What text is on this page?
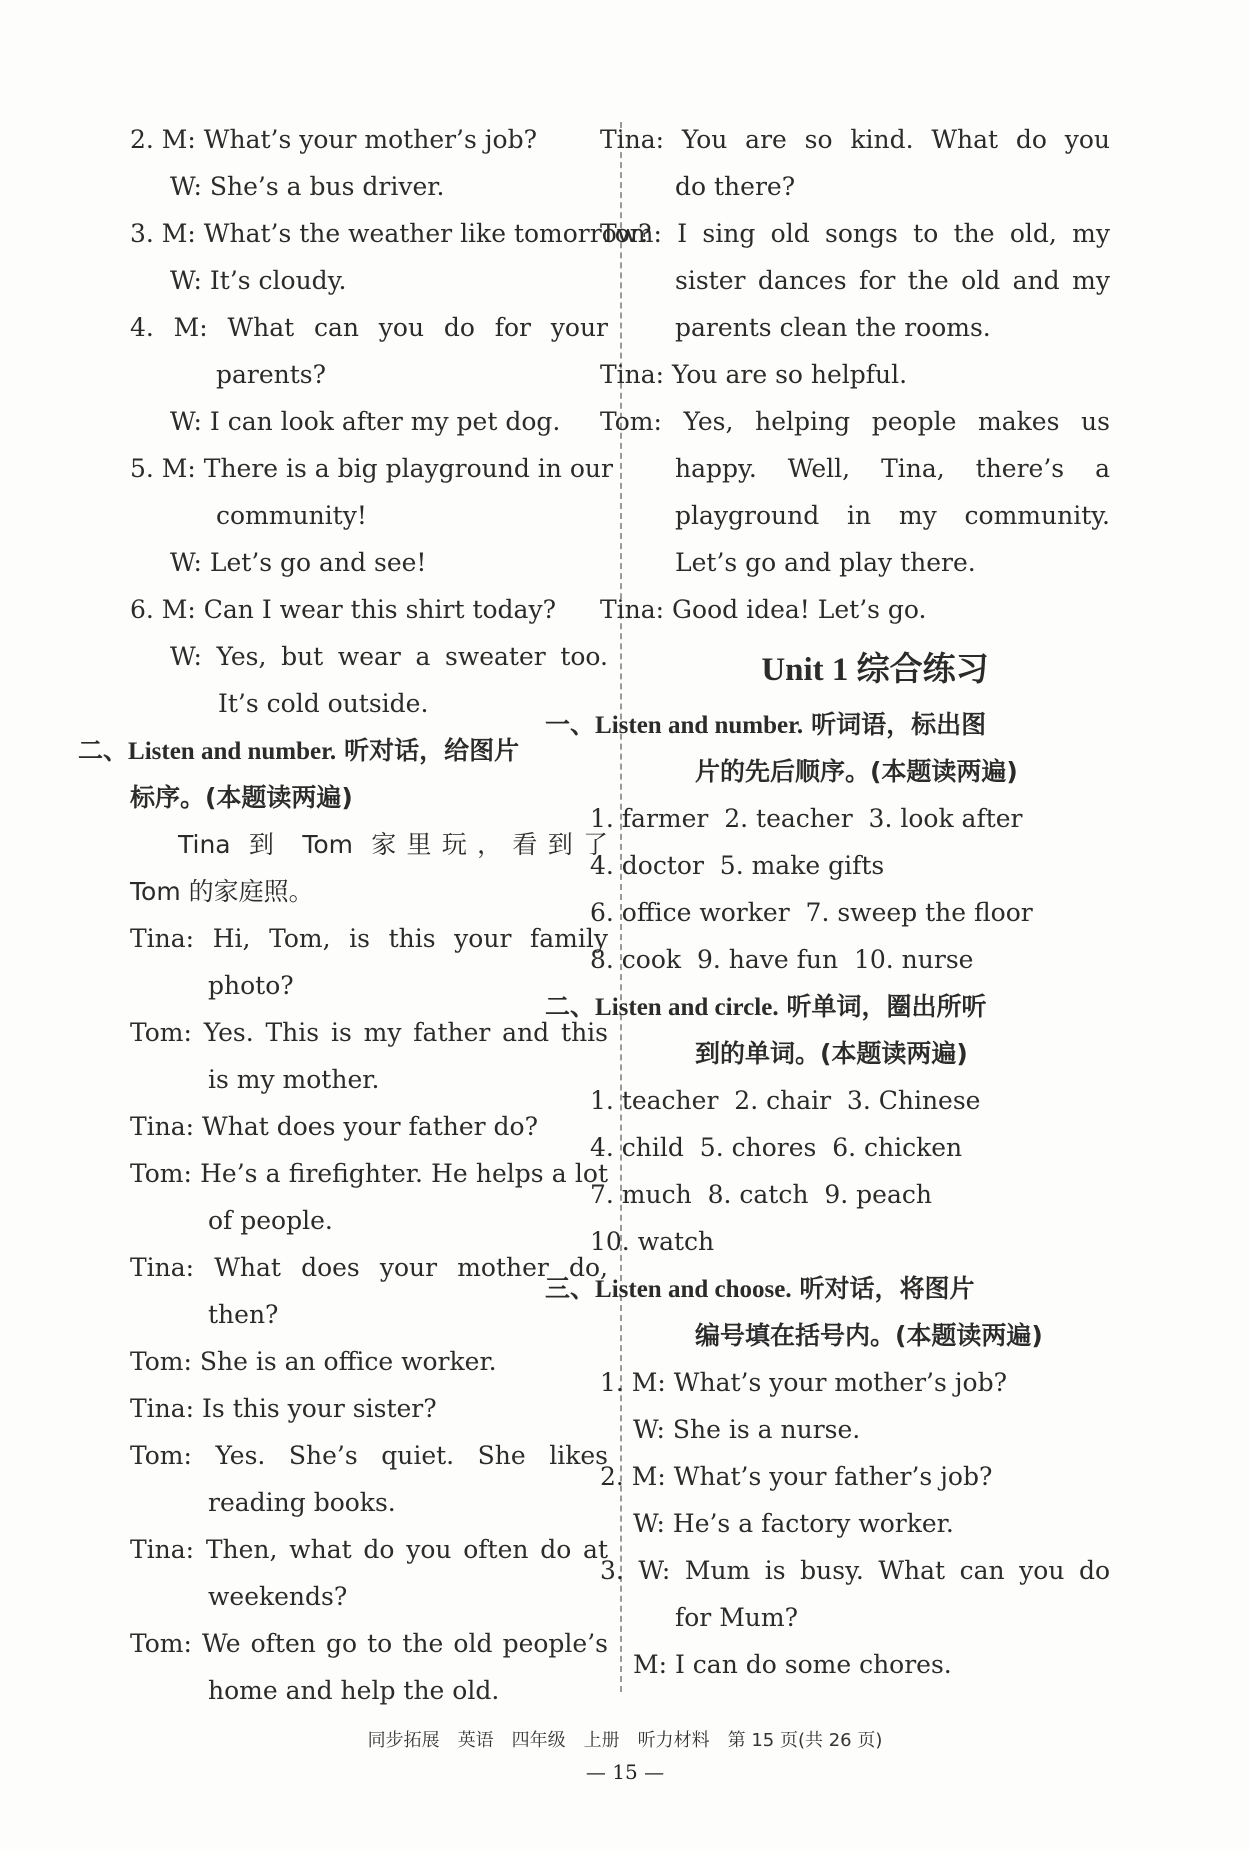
2. M: What’s your mother’s job?
W: She’s a bus driver.
3. M: What’s the weather like tomorrow?
W: It’s cloudy.
4. M: What can you do for your
parents?
W: I can look after my pet dog.
5. M: There is a big playground in our
community!
W: Let’s go and see!
6. M: Can I wear this shirt today?
W: Yes, but wear a sweater too.
It’s cold outside.
二、Listen and number. 听对话，给图片
标序。(本题读两遍)
Tina 到 Tom 家里玩，看到了
Tom 的家庭照。
Tina: Hi, Tom, is this your family
photo?
Tom: Yes. This is my father and this
is my mother.
Tina: What does your father do?
Tom: He’s a firefighter. He helps a lot
of people.
Tina: What does your mother do,
then?
Tom: She is an office worker.
Tina: Is this your sister?
Tom: Yes. She’s quiet. She likes
reading books.
Tina: Then, what do you often do at
weekends?
Tom: We often go to the old people’s
home and help the old.
Tina: You are so kind. What do you
do there?
Tom: I sing old songs to the old, my
sister dances for the old and my
parents clean the rooms.
Tina: You are so helpful.
Tom: Yes, helping people makes us
happy. Well, Tina, there’s a
playground in my community.
Let’s go and play there.
Tina: Good idea! Let’s go.
Unit 1 综合练习
一、Listen and number. 听词语，标出图
片的先后顺序。(本题读两遍)
1. farmer  2. teacher  3. look after
4. doctor  5. make gifts
6. office worker  7. sweep the floor
8. cook  9. have fun  10. nurse
二、Listen and circle. 听单词，圈出所听
到的单词。(本题读两遍)
1. teacher  2. chair  3. Chinese
4. child  5. chores  6. chicken
7. much  8. catch  9. peach
10. watch
三、Listen and choose. 听对话，将图片
编号填在括号内。(本题读两遍)
1. M: What’s your mother’s job?
W: She is a nurse.
2. M: What’s your father’s job?
W: He’s a factory worker.
3. W: Mum is busy. What can you do
for Mum?
M: I can do some chores.
同步拓展　英语　四年级　上册　听力材料　第 15 页(共 26 页)
— 15 —
